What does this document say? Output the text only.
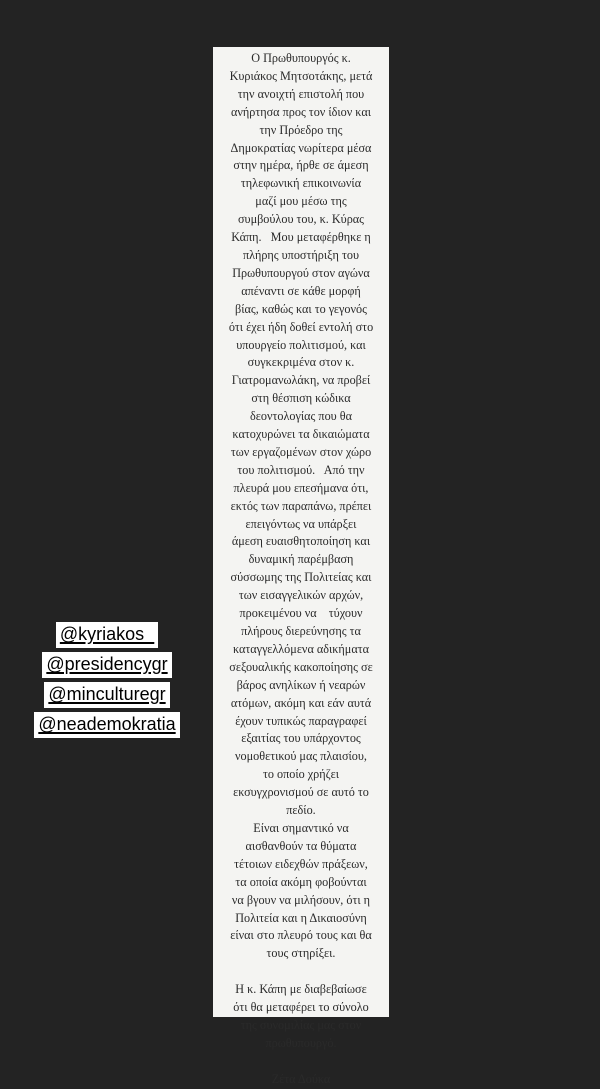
Ο Πρωθυπουργός κ.
Κυριάκος Μητσοτάκης, μετά
την ανοιχτή επιστολή που
ανήρτησα προς τον ίδιον και
την Πρόεδρο της
Δημοκρατίας νωρίτερα μέσα
στην ημέρα, ήρθε σε άμεση
τηλεφωνική επικοινωνία
μαζί μου μέσω της
συμβούλου του, κ. Κύρας
Κάπη.   Μου μεταφέρθηκε η
πλήρης υποστήριξη του
Πρωθυπουργού στον αγώνα
απέναντι σε κάθε μορφή
βίας, καθώς και το γεγονός
ότι έχει ήδη δοθεί εντολή στο
υπουργείο πολιτισμού, και
συγκεκριμένα στον κ.
Γιατρομανωλάκη, να προβεί
στη θέσπιση κώδικα
δεοντολογίας που θα
κατοχυρώνει τα δικαιώματα
των εργαζομένων στον χώρο
του πολιτισμού.   Από την
πλευρά μου επεσήμανα ότι,
εκτός των παραπάνω, πρέπει
επειγόντως να υπάρξει
άμεση ευαισθητοποίηση και
δυναμική παρέμβαση
σύσσωμης της Πολιτείας και
των εισαγγελικών αρχών,
προκειμένου να    τύχουν
πλήρους διερεύνησης τα
καταγγελλόμενα αδικήματα
σεξουαλικής κακοποίησης σε
βάρος ανηλίκων ή νεαρών
ατόμων, ακόμη και εάν αυτά
έχουν τυπικώς παραγραφεί
εξαιτίας του υπάρχοντος
νομοθετικού μας πλαισίου,
το οποίο χρήζει
εκσυγχρονισμού σε αυτό το
πεδίο.
Είναι σημαντικό να
αισθανθούν τα θύματα
τέτοιων ειδεχθών πράξεων,
τα οποία ακόμη φοβούνται
να βγουν να μιλήσουν, ότι η
Πολιτεία και η Δικαιοσύνη
είναι στο πλευρό τους και θα
τους στηρίξει.
Η κ. Κάπη με διαβεβαίωσε
ότι θα μεταφέρει το σύνολο
της συνομιλίας μας στον
πρωθυπουργό.
Ζέτα Δούκα
@kyriakos_
@presidencygr
@minculturegr
@neademokratia
